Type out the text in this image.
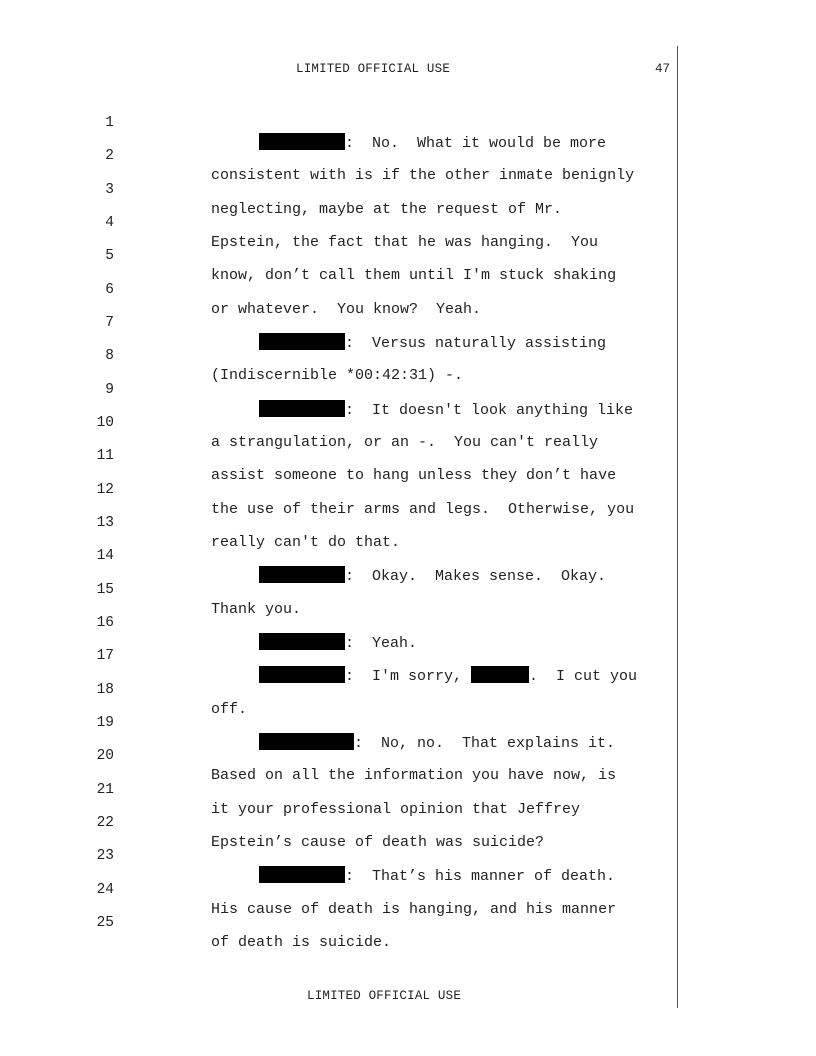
LIMITED OFFICIAL USE	47

1

:  No.  What it would be more

2

consistent with is if the other inmate benignly

3

neglecting, maybe at the request of Mr.

4

Epstein, the fact that he was hanging.  You

5

know, don’t call them until I'm stuck shaking

6

or whatever.  You know?  Yeah.

7

:  Versus naturally assisting

8

(Indiscernible *00:42:31) -.

9

:  It doesn't look anything like

10

a strangulation, or an -.  You can't really

11

assist someone to hang unless they don’t have

12

the use of their arms and legs.  Otherwise, you

13

really can't do that.

14

:  Okay.  Makes sense.  Okay.

15

Thank you.

16

:  Yeah.

17

:  I'm sorry,	.  I cut you

18

off.

19

:  No, no.  That explains it.

20

Based on all the information you have now, is

21

it your professional opinion that Jeffrey

22

Epstein’s cause of death was suicide?

23

:  That’s his manner of death.

24

His cause of death is hanging, and his manner

25

of death is suicide.

LIMITED OFFICIAL USE
